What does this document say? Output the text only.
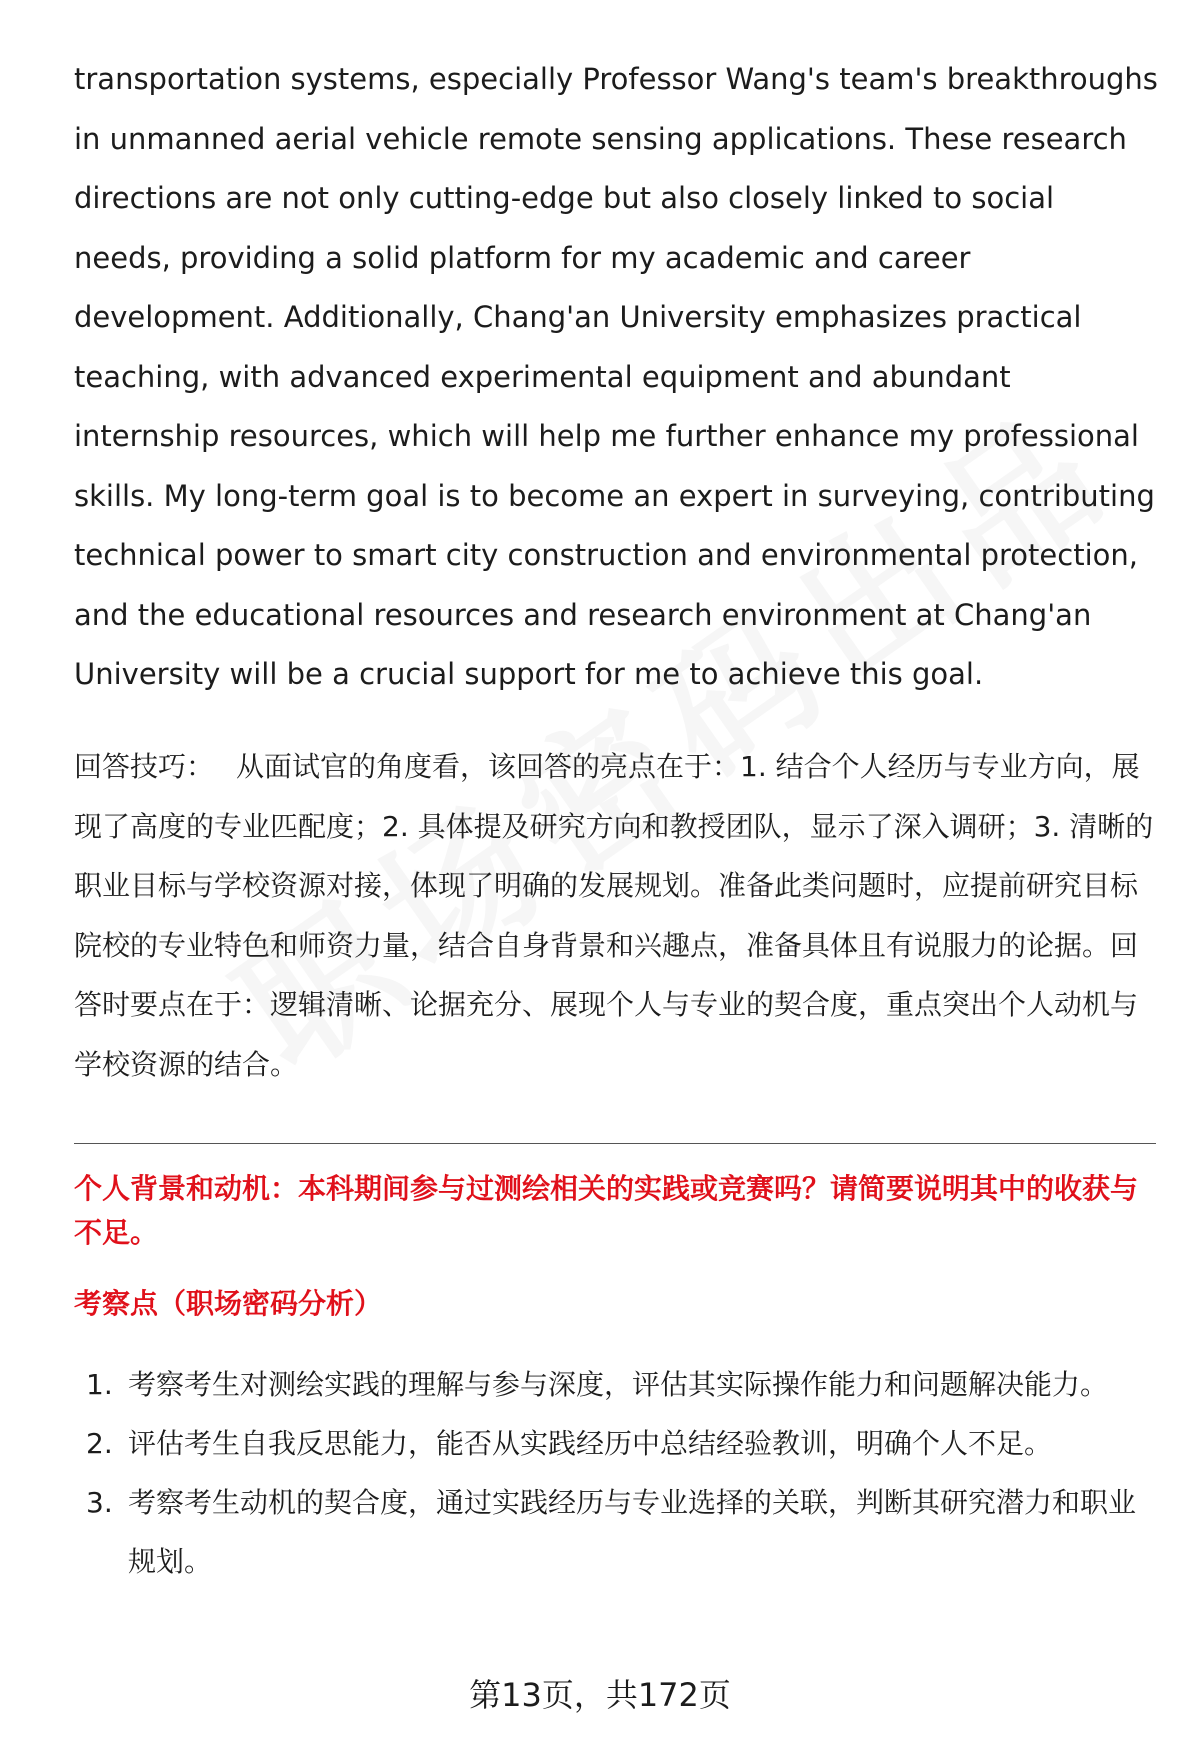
transportation systems, especially Professor Wang's team's breakthroughs in unmanned aerial vehicle remote sensing applications. These research directions are not only cutting-edge but also closely linked to social needs, providing a solid platform for my academic and career development. Additionally, Chang'an University emphasizes practical teaching, with advanced experimental equipment and abundant internship resources, which will help me further enhance my professional skills. My long-term goal is to become an expert in surveying, contributing technical power to smart city construction and environmental protection, and the educational resources and research environment at Chang'an University will be a crucial support for me to achieve this goal.

回答技巧： 从面试官的角度看，该回答的亮点在于：1. 结合个人经历与专业方向，展现了高度的专业匹配度；2. 具体提及研究方向和教授团队，显示了深入调研；3. 清晰的职业目标与学校资源对接，体现了明确的发展规划。准备此类问题时，应提前研究目标院校的专业特色和师资力量，结合自身背景和兴趣点，准备具体且有说服力的论据。回答时要点在于：逻辑清晰、论据充分、展现个人与专业的契合度，重点突出个人动机与学校资源的结合。

个人背景和动机：本科期间参与过测绘相关的实践或竞赛吗？请简要说明其中的收获与不足。

考察点（职场密码分析）

1. 考察考生对测绘实践的理解与参与深度，评估其实际操作能力和问题解决能力。
2. 评估考生自我反思能力，能否从实践经历中总结经验教训，明确个人不足。
3. 考察考生动机的契合度，通过实践经历与专业选择的关联，判断其研究潜力和职业规划。
第13页，共172页
